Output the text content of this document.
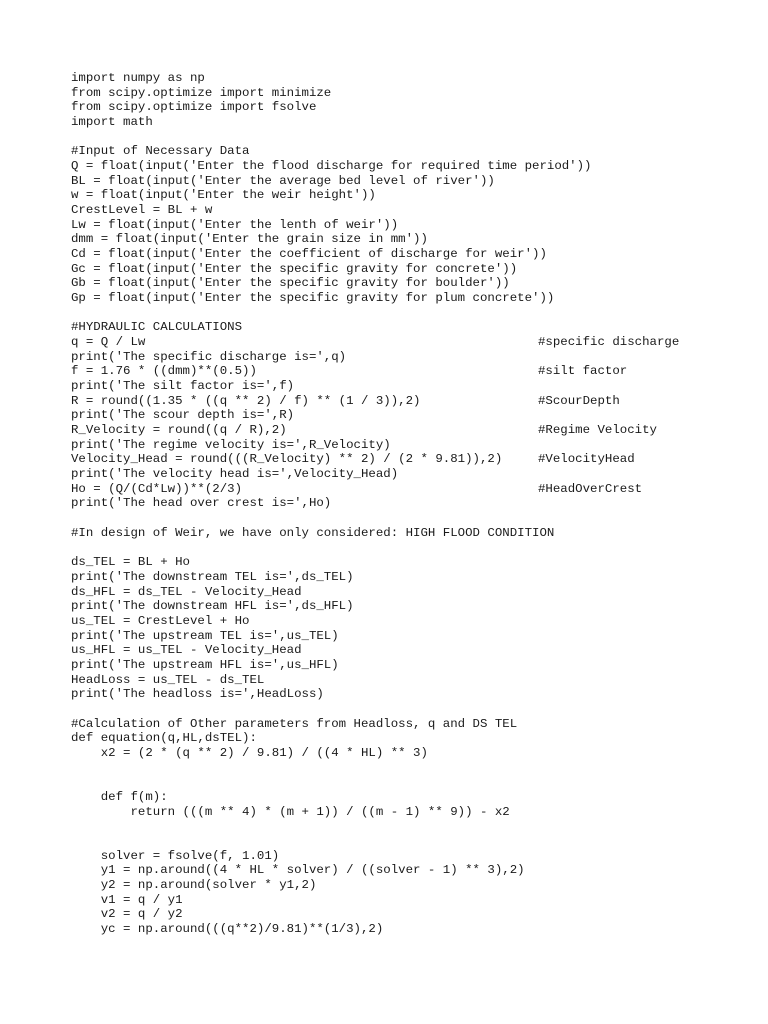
import numpy as np
from scipy.optimize import minimize
from scipy.optimize import fsolve
import math
#Input of Necessary Data
Q = float(input('Enter the flood discharge for required time period'))
BL = float(input('Enter the average bed level of river'))
w = float(input('Enter the weir height'))
CrestLevel = BL + w
Lw = float(input('Enter the lenth of weir'))
dmm = float(input('Enter the grain size in mm'))
Cd = float(input('Enter the coefficient of discharge for weir'))
Gc = float(input('Enter the specific gravity for concrete'))
Gb = float(input('Enter the specific gravity for boulder'))
Gp = float(input('Enter the specific gravity for plum concrete'))
#HYDRAULIC CALCULATIONS
q = Q / Lw	#specific discharge
print('The specific discharge is=',q)
f = 1.76 * ((dmm)**(0.5))	#silt factor
print('The silt factor is=',f)
R = round((1.35 * ((q ** 2) / f) ** (1 / 3)),2)	#ScourDepth
print('The scour depth is=',R)
R_Velocity = round((q / R),2)	#Regime Velocity
print('The regime velocity is=',R_Velocity)
Velocity_Head = round(((R_Velocity) ** 2) / (2 * 9.81)),2)	#VelocityHead
print('The velocity head is=',Velocity_Head)
Ho = (Q/(Cd*Lw))**(2/3)	#HeadOverCrest
print('The head over crest is=',Ho)
#In design of Weir, we have only considered: HIGH FLOOD CONDITION
ds_TEL = BL + Ho
print('The downstream TEL is=',ds_TEL)
ds_HFL = ds_TEL - Velocity_Head
print('The downstream HFL is=',ds_HFL)
us_TEL = CrestLevel + Ho
print('The upstream TEL is=',us_TEL)
us_HFL = us_TEL - Velocity_Head
print('The upstream HFL is=',us_HFL)
HeadLoss = us_TEL - ds_TEL
print('The headloss is=',HeadLoss)
#Calculation of Other parameters from Headloss, q and DS TEL
def equation(q,HL,dsTEL):
x2 = (2 * (q ** 2) / 9.81) / ((4 * HL) ** 3)
def f(m):
return (((m ** 4) * (m + 1)) / ((m - 1) ** 9)) - x2
solver = fsolve(f, 1.01)
y1 = np.around((4 * HL * solver) / ((solver - 1) ** 3),2)
y2 = np.around(solver * y1,2)
v1 = q / y1
v2 = q / y2
yc = np.around(((q**2)/9.81)**(1/3),2)
